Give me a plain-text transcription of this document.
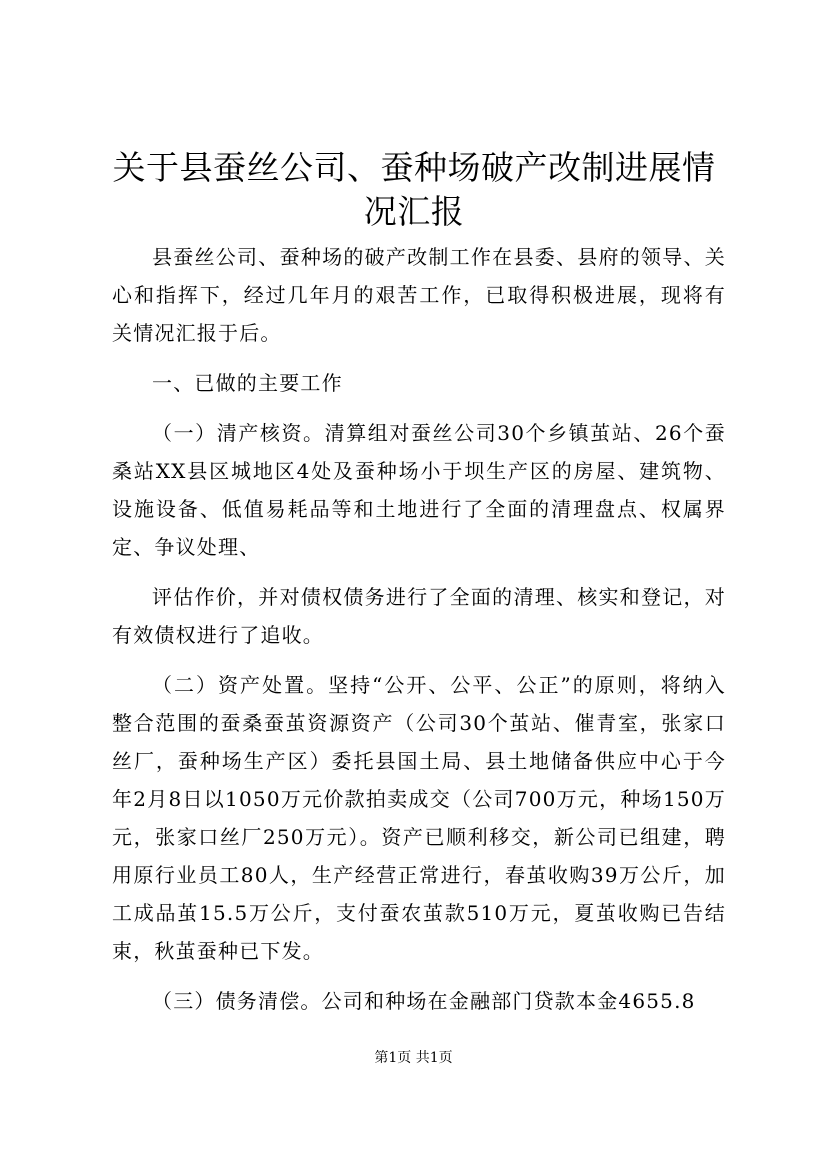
关于县蚕丝公司、蚕种场破产改制进展情况汇报

县蚕丝公司、蚕种场的破产改制工作在县委、县府的领导、关心和指挥下，经过几年月的艰苦工作，已取得积极进展，现将有关情况汇报于后。

一、已做的主要工作

（一）清产核资。清算组对蚕丝公司30个乡镇茧站、26个蚕桑站XX县区城地区4处及蚕种场小于坝生产区的房屋、建筑物、设施设备、低值易耗品等和土地进行了全面的清理盘点、权属界定、争议处理、

评估作价，并对债权债务进行了全面的清理、核实和登记，对有效债权进行了追收。

（二）资产处置。坚持“公开、公平、公正”的原则，将纳入整合范围的蚕桑蚕茧资源资产（公司30个茧站、催青室，张家口丝厂，蚕种场生产区）委托县国土局、县土地储备供应中心于今年2月8日以1050万元价款拍卖成交（公司700万元，种场150万元，张家口丝厂250万元）。资产已顺利移交，新公司已组建，聘用原行业员工80人，生产经营正常进行，春茧收购39万公斤，加工成品茧15.5万公斤，支付蚕农茧款510万元，夏茧收购已告结束，秋茧蚕种已下发。

（三）债务清偿。公司和种场在金融部门贷款本金4655.8

第1页 共1页
